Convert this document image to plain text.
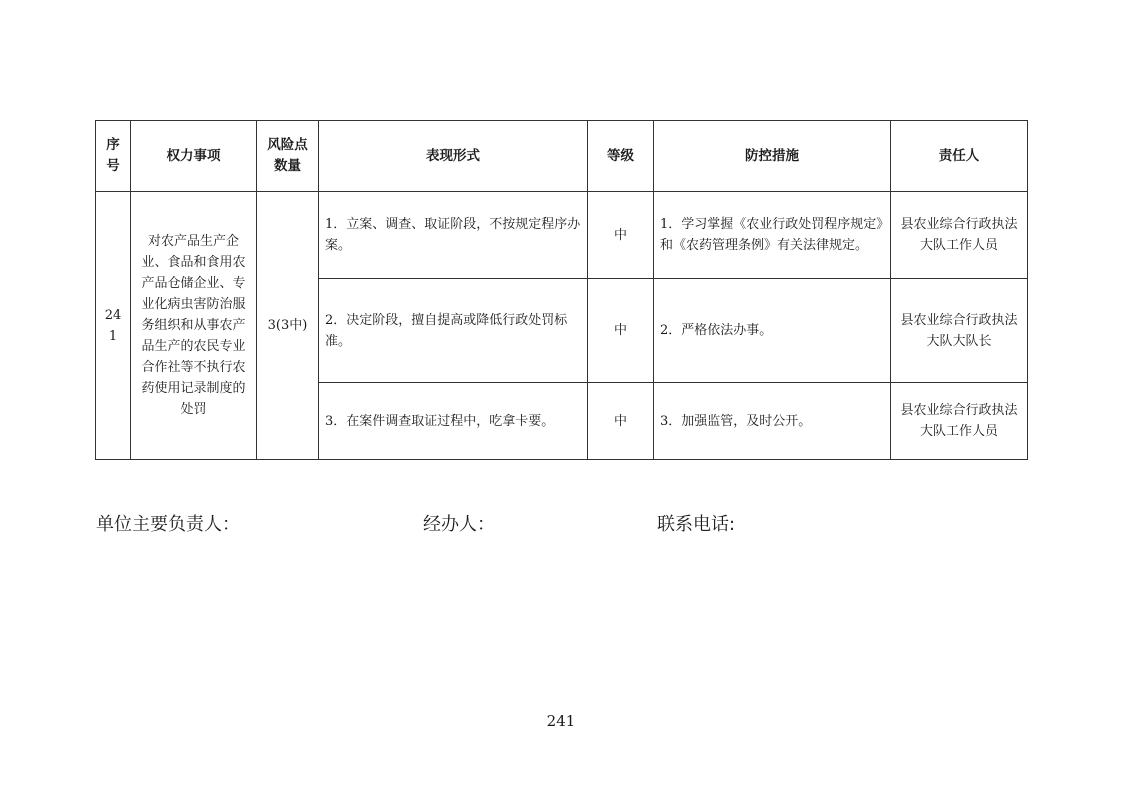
序号	权力事项	风险点数量	表现形式	等级	防控措施	责任人
241	对农产品生产企业、食品和食用农产品仓储企业、专业化病虫害防治服务组织和从事农产品生产的农民专业合作社等不执行农药使用记录制度的处罚	3(3中)	1．立案、调查、取证阶段，不按规定程序办案。	中	1．学习掌握《农业行政处罚程序规定》和《农药管理条例》有关法律规定。	县农业综合行政执法大队工作人员
			2．决定阶段，擅自提高或降低行政处罚标准。	中	2．严格依法办事。	县农业综合行政执法大队大队长
			3．在案件调查取证过程中，吃拿卡要。	中	3．加强监管，及时公开。	县农业综合行政执法大队工作人员
单位主要负责人：	经办人：	联系电话:
241
